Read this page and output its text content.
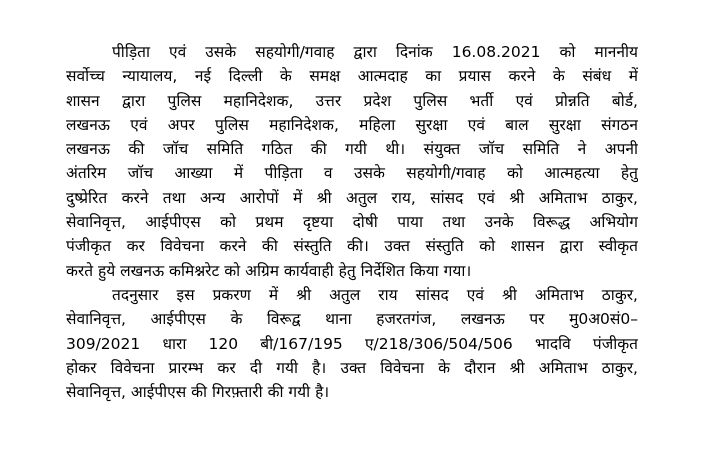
पीड़िता एवं उसके सहयोगी/गवाह द्वारा दिनांक 16.08.2021 को माननीय
सर्वोच्च न्यायालय, नई दिल्ली के समक्ष आत्मदाह का प्रयास करने के संबंध में
शासन द्वारा पुलिस महानिदेशक, उत्तर प्रदेश पुलिस भर्ती एवं प्रोन्नति बोर्ड,
लखनऊ एवं अपर पुलिस महानिदेशक, महिला सुरक्षा एवं बाल सुरक्षा संगठन
लखनऊ की जॉच समिति गठित की गयी थी। संयुक्त जॉच समिति ने अपनी
अंतरिम जॉच आख्या में पीड़िता व उसके सहयोगी/गवाह को आत्महत्या हेतु
दुष्प्रेरित करने तथा अन्य आरोपों में श्री अतुल राय, सांसद एवं श्री अमिताभ ठाकुर,
सेवानिवृत्त, आईपीएस को प्रथम दृष्टया दोषी पाया तथा उनके विरूद्ध अभियोग
पंजीकृत कर विवेचना करने की संस्तुति की। उक्त संस्तुति को शासन द्वारा स्वीकृत
करते हुये लखनऊ कमिश्नरेट को अग्रिम कार्यवाही हेतु निर्देशित किया गया।
तदनुसार इस प्रकरण में श्री अतुल राय सांसद एवं श्री अमिताभ ठाकुर,
सेवानिवृत्त, आईपीएस के विरूद्व थाना हजरतगंज, लखनऊ पर मु0अ0सं0–
309/2021 धारा 120 बी/167/195 ए/218/306/504/506 भादवि पंजीकृत
होकर विवेचना प्रारम्भ कर दी गयी है। उक्त विवेचना के दौरान श्री अमिताभ ठाकुर,
सेवानिवृत्त, आईपीएस की गिरफ़्तारी की गयी है।
